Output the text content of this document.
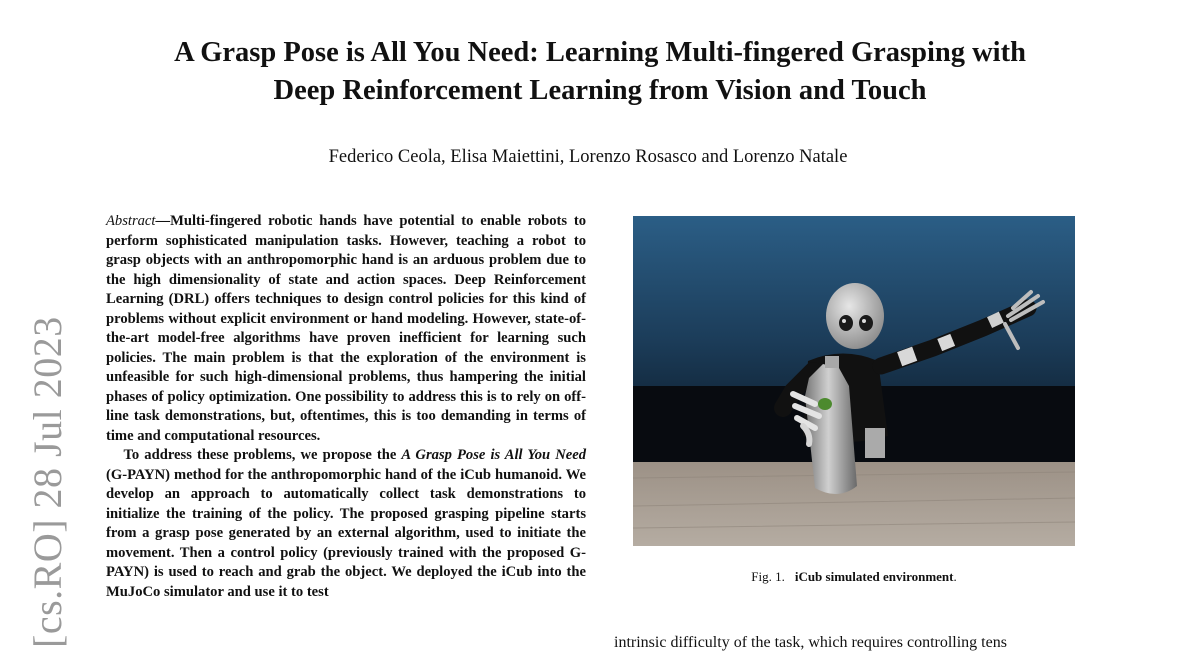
A Grasp Pose is All You Need: Learning Multi-fingered Grasping with
Deep Reinforcement Learning from Vision and Touch
Federico Ceola, Elisa Maiettini, Lorenzo Rosasco and Lorenzo Natale
[cs.RO] 28 Jul 2023

Abstract — Multi-fingered robotic hands have potential to enable robots to perform sophisticated manipulation tasks. However, teaching a robot to grasp objects with an anthropomorphic hand is an arduous problem due to the high dimensionality of state and action spaces. Deep Reinforcement Learning (DRL) offers techniques to design control policies for this kind of problems without explicit environment or hand modeling. However, state-of-the-art model-free algorithms have proven inefficient for learning such policies. The main problem is that the exploration of the environment is unfeasible for such high-dimensional problems, thus hampering the initial phases of policy optimization. One possibility to address this is to rely on off-line task demonstrations, but, oftentimes, this is too demanding in terms of time and computational resources.

To address these problems, we propose the A Grasp Pose is All You Need (G-PAYN) method for the anthropomorphic hand of the iCub humanoid. We develop an approach to automatically collect task demonstrations to initialize the training of the policy. The proposed grasping pipeline starts from a grasp pose generated by an external algorithm, used to initiate the movement. Then a control policy (previously trained with the proposed G-PAYN) is used to reach and grab the object. We deployed the iCub into the MuJoCo simulator and use it to test

Fig. 1. iCub simulated environment.
intrinsic difficulty of the task, which requires controlling tens
